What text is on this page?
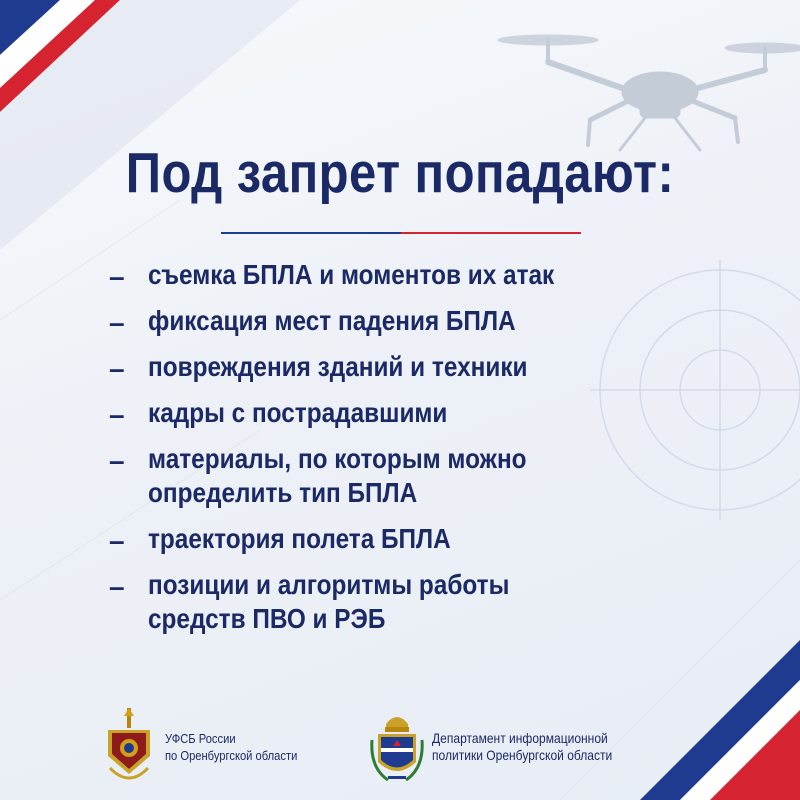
Под запрет попадают:
– съемка БПЛА и моментов их атак
– фиксация мест падения БПЛА
– повреждения зданий и техники
– кадры с пострадавшими
– материалы, по которым можно
определить тип БПЛА
– траектория полета БПЛА
– позиции и алгоритмы работы
средств ПВО и РЭБ
УФСБ России
по Оренбургской области
Департамент информационной
политики Оренбургской области
